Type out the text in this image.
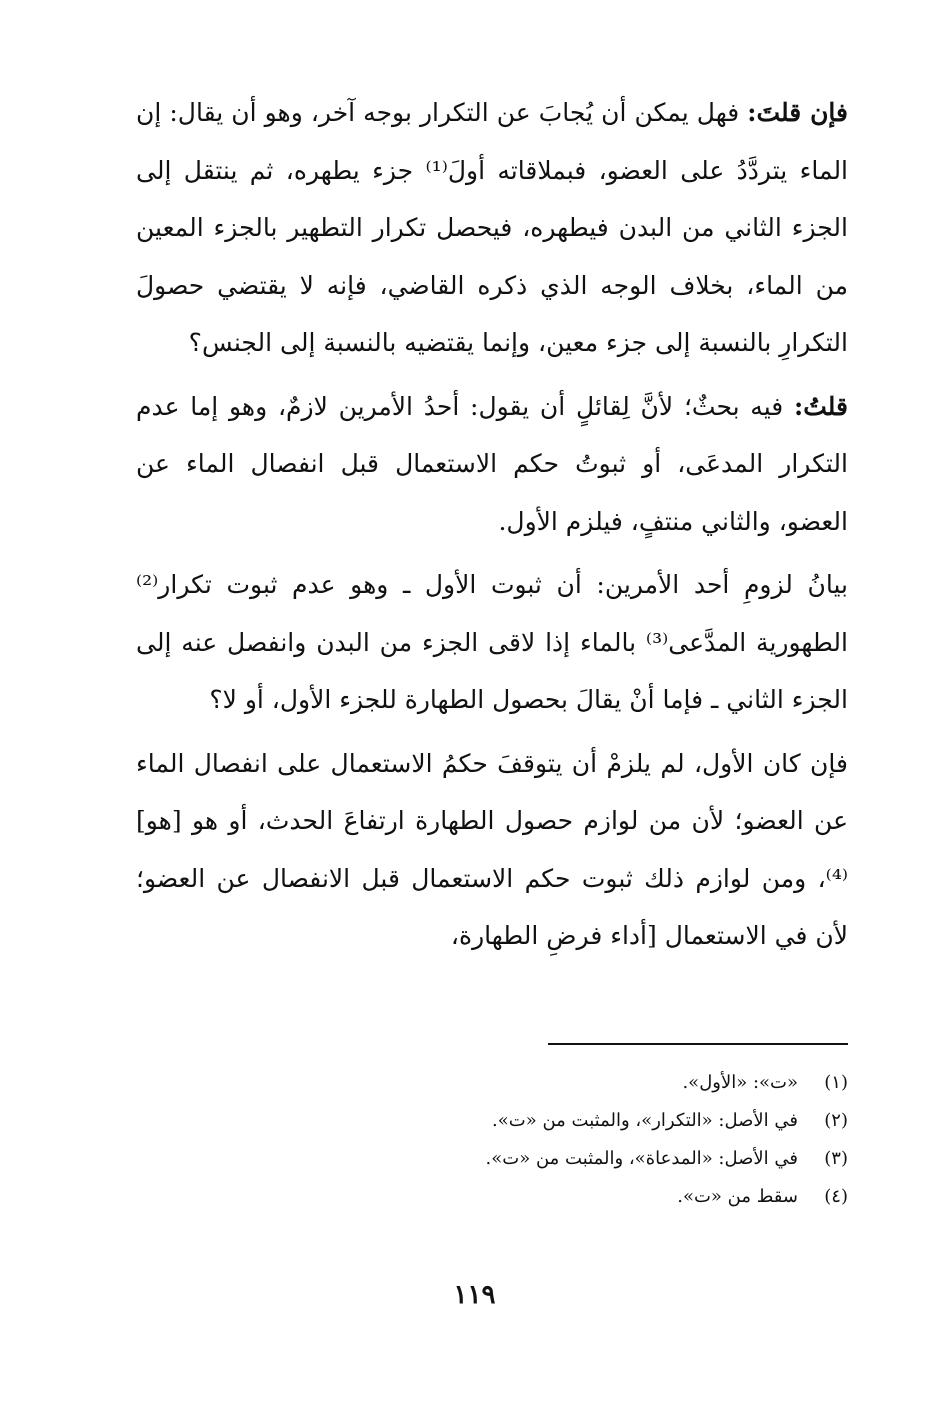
فإن قلتَ: فهل يمكن أن يُجابَ عن التكرار بوجه آخر، وهو أن يقال: إن الماء يتردَّدُ على العضو، فبملاقاته أولَ⁽¹⁾ جزء يطهره، ثم ينتقل إلى الجزء الثاني من البدن فيطهره، فيحصل تكرار التطهير بالجزء المعين من الماء، بخلاف الوجه الذي ذكره القاضي، فإنه لا يقتضي حصولَ التكرارِ بالنسبة إلى جزء معين، وإنما يقتضيه بالنسبة إلى الجنس؟

قلتُ: فيه بحثٌ؛ لأنَّ لِقائلٍ أن يقول: أحدُ الأمرين لازمٌ، وهو إما عدم التكرار المدعَى، أو ثبوتُ حكم الاستعمال قبل انفصال الماء عن العضو، والثاني منتفٍ، فيلزم الأول.

بيانُ لزومِ أحد الأمرين: أن ثبوت الأول ـ وهو عدم ثبوت تكرار⁽²⁾ الطهورية المدَّعى⁽³⁾ بالماء إذا لاقى الجزء من البدن وانفصل عنه إلى الجزء الثاني ـ فإما أنْ يقالَ بحصول الطهارة للجزء الأول، أو لا؟

فإن كان الأول، لم يلزمْ أن يتوقفَ حكمُ الاستعمال على انفصال الماء عن العضو؛ لأن من لوازم حصول الطهارة ارتفاعَ الحدث، أو هو [هو]⁽⁴⁾، ومن لوازم ذلك ثبوت حكم الاستعمال قبل الانفصال عن العضو؛ لأن في الاستعمال [أداء فرضِ الطهارة،

(١)«ت»: «الأول».
(٢)في الأصل: «التكرار»، والمثبت من «ت».
(٣)في الأصل: «المدعاة»، والمثبت من «ت».
(٤)سقط من «ت».
١١٩
